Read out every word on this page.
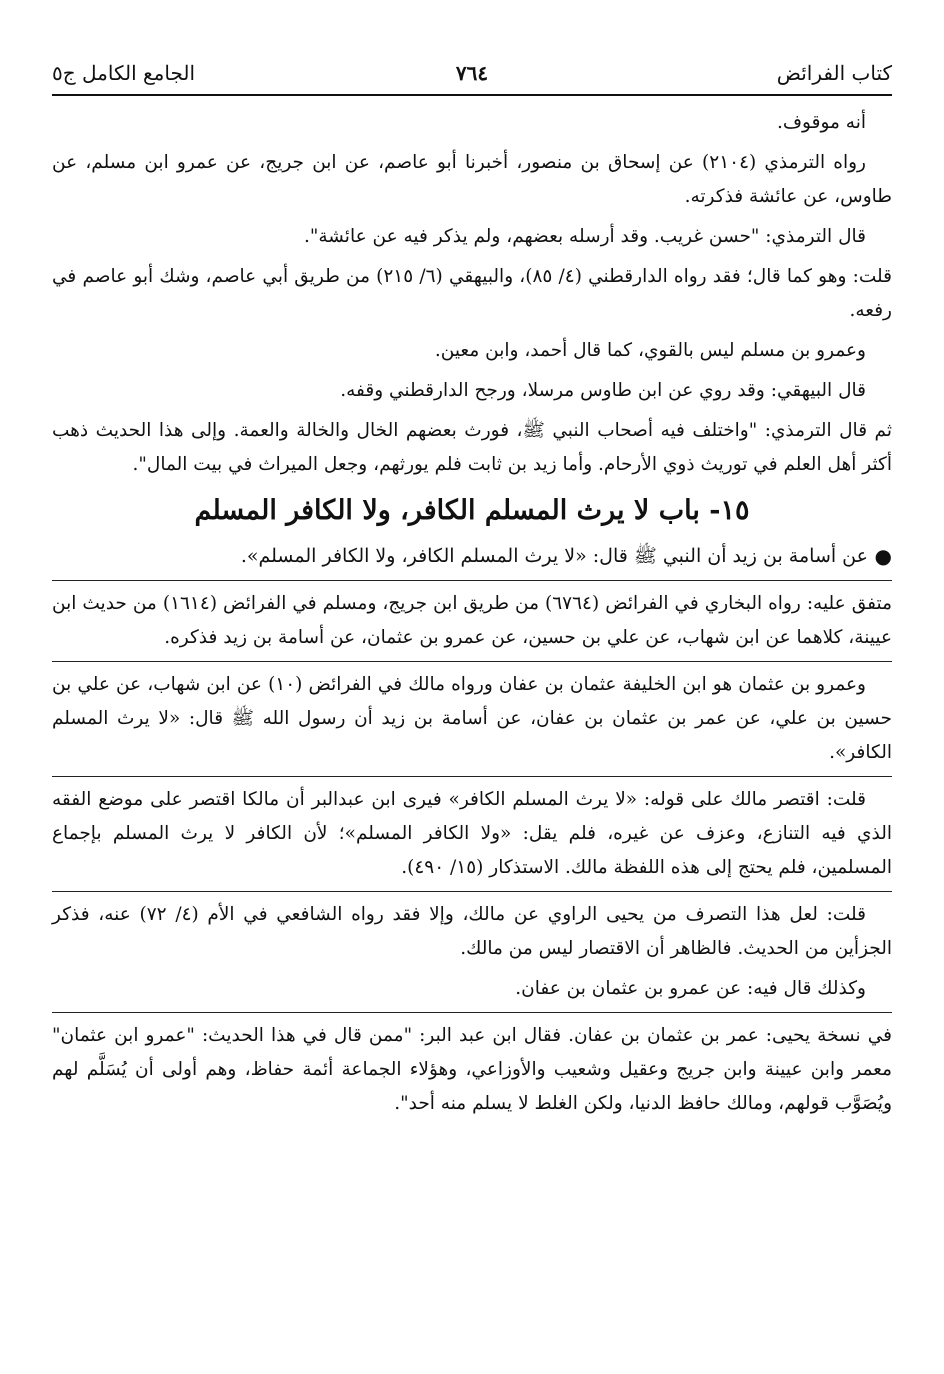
كتاب الفرائض
٧٦٤
الجامع الكامل ج٥

أنه موقوف.

رواه الترمذي (٢١٠٤) عن إسحاق بن منصور، أخبرنا أبو عاصم، عن ابن جريج، عن عمرو ابن مسلم، عن طاوس، عن عائشة فذكرته.

قال الترمذي: "حسن غريب. وقد أرسله بعضهم، ولم يذكر فيه عن عائشة".

قلت: وهو كما قال؛ فقد رواه الدارقطني (٤/ ٨٥)، والبيهقي (٦/ ٢١٥) من طريق أبي عاصم، وشك أبو عاصم في رفعه.

وعمرو بن مسلم ليس بالقوي، كما قال أحمد، وابن معين.

قال البيهقي: وقد روي عن ابن طاوس مرسلا، ورجح الدارقطني وقفه.

ثم قال الترمذي: "واختلف فيه أصحاب النبي ﷺ، فورث بعضهم الخال والخالة والعمة. وإلى هذا الحديث ذهب أكثر أهل العلم في توريث ذوي الأرحام. وأما زيد بن ثابت فلم يورثهم، وجعل الميراث في بيت المال".

١٥- باب لا يرث المسلم الكافر، ولا الكافر المسلم
●
عن أسامة بن زيد أن النبي ﷺ قال: «لا يرث المسلم الكافر، ولا الكافر المسلم».

متفق عليه: رواه البخاري في الفرائض (٦٧٦٤) من طريق ابن جريج، ومسلم في الفرائض (١٦١٤) من حديث ابن عيينة، كلاهما عن ابن شهاب، عن علي بن حسين، عن عمرو بن عثمان، عن أسامة بن زيد فذكره.

وعمرو بن عثمان هو ابن الخليفة عثمان بن عفان ورواه مالك في الفرائض (١٠) عن ابن شهاب، عن علي بن حسين بن علي، عن عمر بن عثمان بن عفان، عن أسامة بن زيد أن رسول الله ﷺ قال: «لا يرث المسلم الكافر».

قلت: اقتصر مالك على قوله: «لا يرث المسلم الكافر» فيرى ابن عبدالبر أن مالكا اقتصر على موضع الفقه الذي فيه التنازع، وعزف عن غيره، فلم يقل: «ولا الكافر المسلم»؛ لأن الكافر لا يرث المسلم بإجماع المسلمين، فلم يحتج إلى هذه اللفظة مالك. الاستذكار (١٥/ ٤٩٠).

قلت: لعل هذا التصرف من يحيى الراوي عن مالك، وإلا فقد رواه الشافعي في الأم (٤/ ٧٢) عنه، فذكر الجزأين من الحديث. فالظاهر أن الاقتصار ليس من مالك.

وكذلك قال فيه: عن عمرو بن عثمان بن عفان.

في نسخة يحيى: عمر بن عثمان بن عفان. فقال ابن عبد البر: "ممن قال في هذا الحديث: "عمرو ابن عثمان" معمر وابن عيينة وابن جريج وعقيل وشعيب والأوزاعي، وهؤلاء الجماعة أئمة حفاظ، وهم أولى أن يُسَلَّم لهم ويُصَوَّب قولهم، ومالك حافظ الدنيا، ولكن الغلط لا يسلم منه أحد".
